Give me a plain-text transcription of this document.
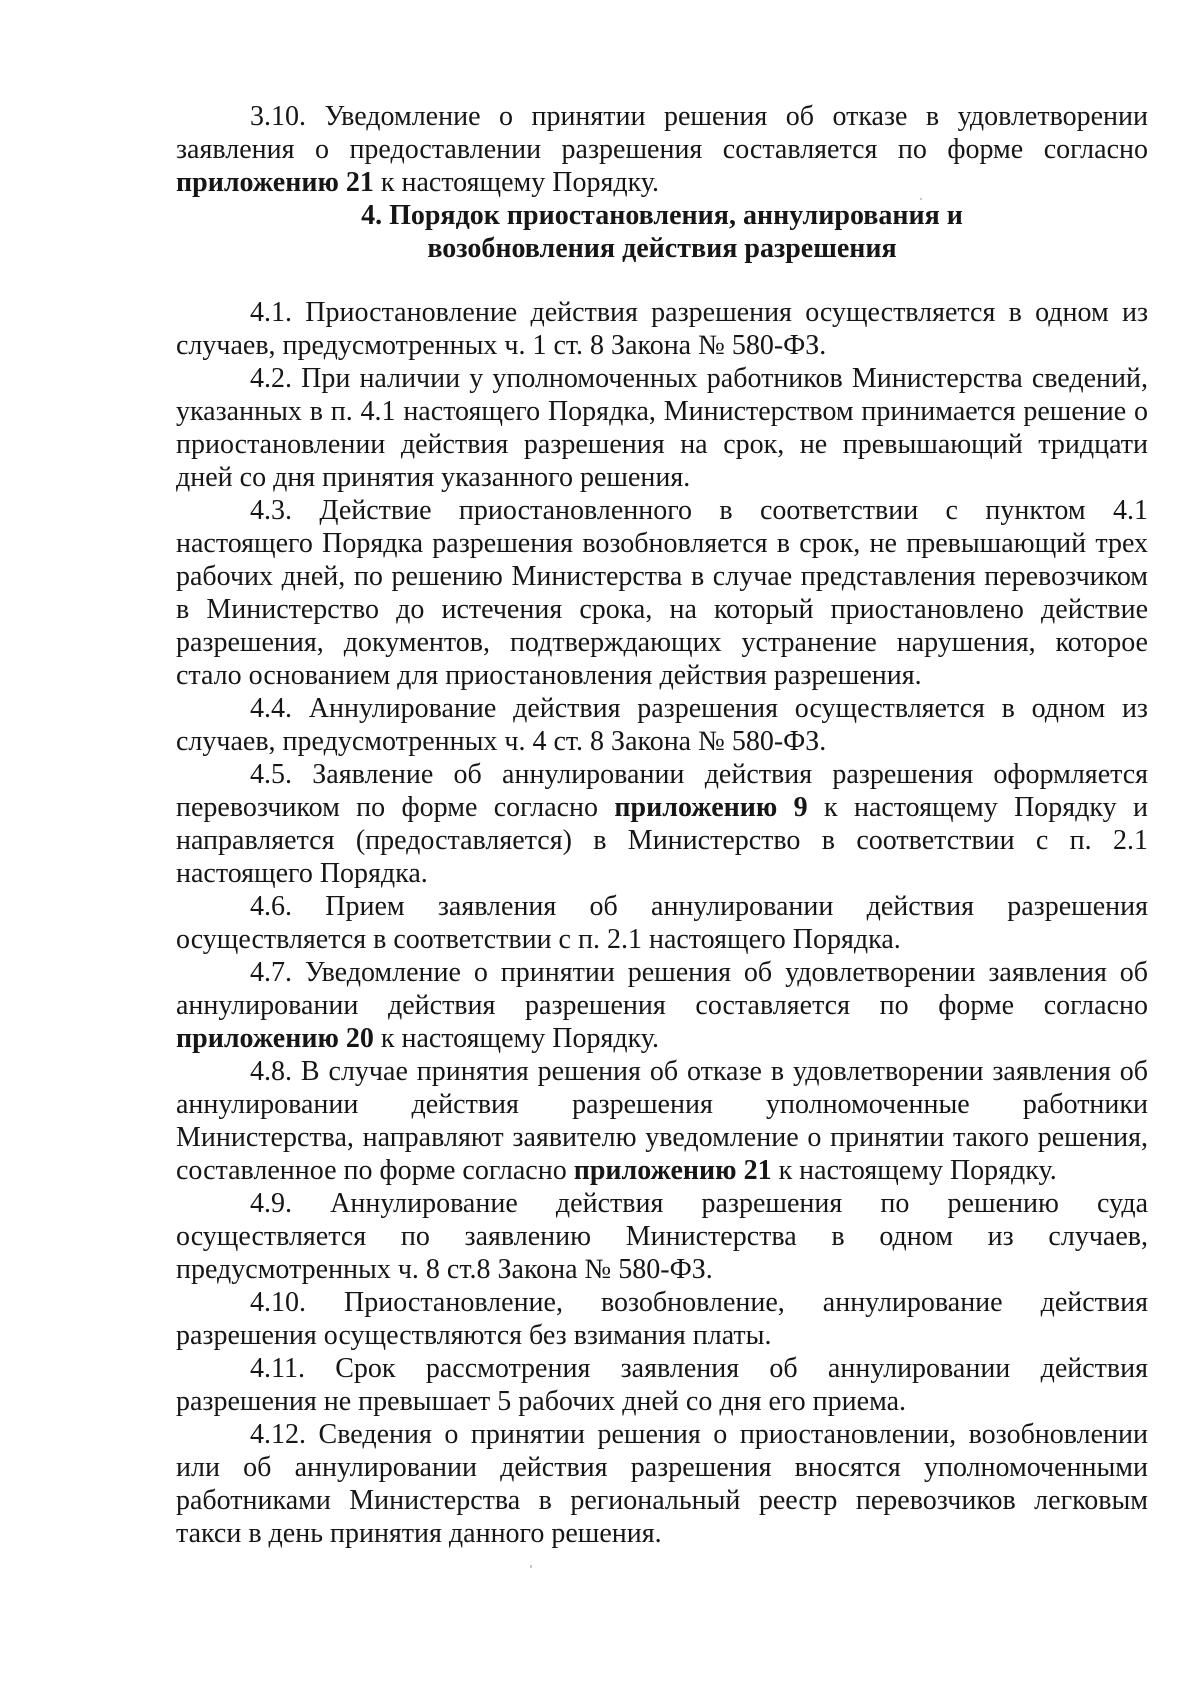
3.10. Уведомление о принятии решения об отказе в удовлетворении заявления о предоставлении разрешения составляется по форме согласно приложению 21 к настоящему Порядку.

4. Порядок приостановления, аннулирования и
возобновления действия разрешения

4.1. Приостановление действия разрешения осуществляется в одном из случаев, предусмотренных ч. 1 ст. 8 Закона № 580-ФЗ.

4.2. При наличии у уполномоченных работников Министерства сведений, указанных в п. 4.1 настоящего Порядка, Министерством принимается решение о приостановлении действия разрешения на срок, не превышающий тридцати дней со дня принятия указанного решения.

4.3. Действие приостановленного в соответствии с пунктом 4.1 настоящего Порядка разрешения возобновляется в срок, не превышающий трех рабочих дней, по решению Министерства в случае представления перевозчиком в Министерство до истечения срока, на который приостановлено действие разрешения, документов, подтверждающих устранение нарушения, которое стало основанием для приостановления действия разрешения.

4.4. Аннулирование действия разрешения осуществляется в одном из случаев, предусмотренных ч. 4 ст. 8 Закона № 580-ФЗ.

4.5. Заявление об аннулировании действия разрешения оформляется перевозчиком по форме согласно приложению 9 к настоящему Порядку и направляется (предоставляется) в Министерство в соответствии с п. 2.1 настоящего Порядка.

4.6. Прием заявления об аннулировании действия разрешения осуществляется в соответствии с п. 2.1 настоящего Порядка.

4.7. Уведомление о принятии решения об удовлетворении заявления об аннулировании действия разрешения составляется по форме согласно приложению 20 к настоящему Порядку.

4.8. В случае принятия решения об отказе в удовлетворении заявления об аннулировании действия разрешения уполномоченные работники Министерства, направляют заявителю уведомление о принятии такого решения, составленное по форме согласно приложению 21 к настоящему Порядку.

4.9. Аннулирование действия разрешения по решению суда осуществляется по заявлению Министерства в одном из случаев, предусмотренных ч. 8 ст.8 Закона № 580-ФЗ.

4.10. Приостановление, возобновление, аннулирование действия разрешения осуществляются без взимания платы.

4.11. Срок рассмотрения заявления об аннулировании действия разрешения не превышает 5 рабочих дней со дня его приема.

4.12. Сведения о принятии решения о приостановлении, возобновлении или об аннулировании действия разрешения вносятся уполномоченными работниками Министерства в региональный реестр перевозчиков легковым такси в день принятия данного решения.
